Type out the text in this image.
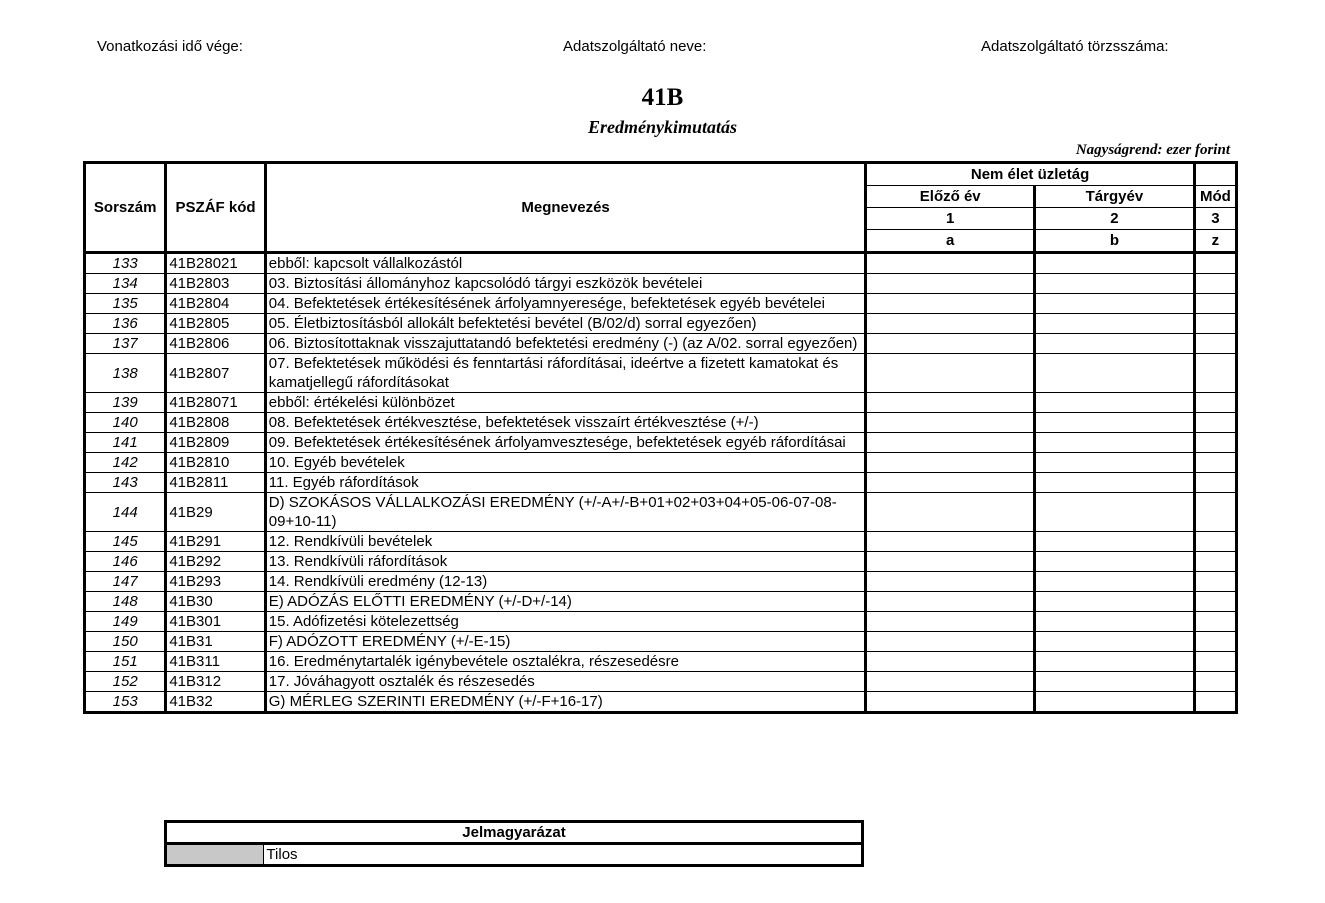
Vonatkozási idő vége:	Adatszolgáltató neve:	Adatszolgáltató törzsszáma:
41B
Eredménykimutatás
Nagyságrend: ezer forint
Sorszám	PSZÁF kód	Megnevezés	Nem élet üzletág		
			Előző év	Tárgyév	Mód
			1	2	3
			a	b	z
133	41B28021	ebből: kapcsolt vállalkozástól			
134	41B2803	03. Biztosítási állományhoz kapcsolódó tárgyi eszközök bevételei			
135	41B2804	04. Befektetések értékesítésének árfolyamnyeresége, befektetések egyéb bevételei			
136	41B2805	05. Életbiztosításból allokált befektetési bevétel (B/02/d) sorral egyezően)			
137	41B2806	06. Biztosítottaknak visszajuttatandó befektetési eredmény (-) (az A/02. sorral egyezően)			
138	41B2807	07. Befektetések működési és fenntartási ráfordításai, ideértve a fizetett kamatokat és kamatjellegű ráfordításokat			
139	41B28071	ebből: értékelési különbözet			
140	41B2808	08. Befektetések értékvesztése, befektetések visszaírt értékvesztése (+/-)			
141	41B2809	09. Befektetések értékesítésének árfolyamvesztesége, befektetések egyéb ráfordításai			
142	41B2810	10. Egyéb bevételek			
143	41B2811	11. Egyéb ráfordítások			
144	41B29	D) SZOKÁSOS VÁLLALKOZÁSI EREDMÉNY (+/-A+/-B+01+02+03+04+05-06-07-08-09+10-11)			
145	41B291	12. Rendkívüli bevételek			
146	41B292	13. Rendkívüli ráfordítások			
147	41B293	14. Rendkívüli eredmény (12-13)			
148	41B30	E) ADÓZÁS ELŐTTI EREDMÉNY (+/-D+/-14)			
149	41B301	15. Adófizetési kötelezettség			
150	41B31	F) ADÓZOTT EREDMÉNY (+/-E-15)			
151	41B311	16. Eredménytartalék igénybevétele osztalékra, részesedésre			
152	41B312	17. Jóváhagyott osztalék és részesedés			
153	41B32	G) MÉRLEG SZERINTI EREDMÉNY (+/-F+16-17)			
Jelmagyarázat
	Tilos
